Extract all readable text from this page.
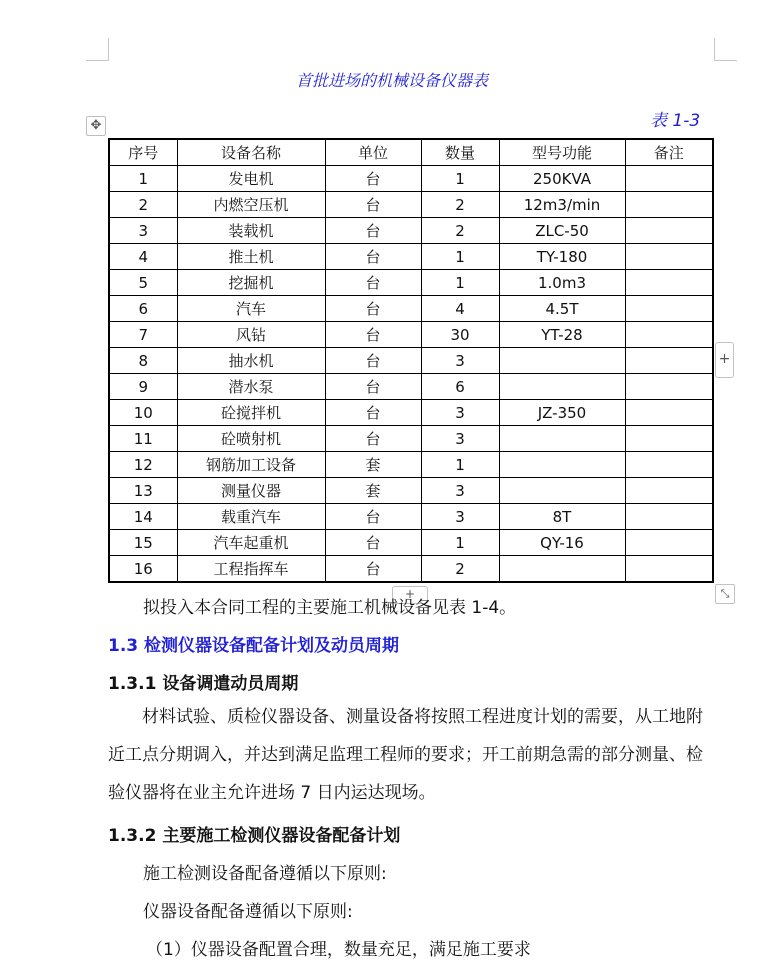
首批进场的机械设备仪器表
表 1-3
✥
序号	设备名称	单位	数量	型号功能	备注
1	发电机	台	1	250KVA	
2	内燃空压机	台	2	12m3/min	
3	装载机	台	2	ZLC-50	
4	推土机	台	1	TY-180	
5	挖掘机	台	1	1.0m3	
6	汽车	台	4	4.5T	
7	风钻	台	30	YT-28	
8	抽水机	台	3		
9	潜水泵	台	6		
10	砼搅拌机	台	3	JZ-350	
11	砼喷射机	台	3		
12	钢筋加工设备	套	1		
13	测量仪器	套	3		
14	载重汽车	台	3	8T	
15	汽车起重机	台	1	QY-16	
16	工程指挥车	台	2		
+
+	⤡
拟投入本合同工程的主要施工机械设备见表 1-4。
1.3 检测仪器设备配备计划及动员周期
1.3.1 设备调遣动员周期
材料试验、质检仪器设备、测量设备将按照工程进度计划的需要，从工地附
近工点分期调入，并达到满足监理工程师的要求；开工前期急需的部分测量、检
验仪器将在业主允许进场 7 日内运达现场。
1.3.2 主要施工检测仪器设备配备计划
施工检测设备配备遵循以下原则:
仪器设备配备遵循以下原则:
（1）仪器设备配置合理，数量充足，满足施工要求
